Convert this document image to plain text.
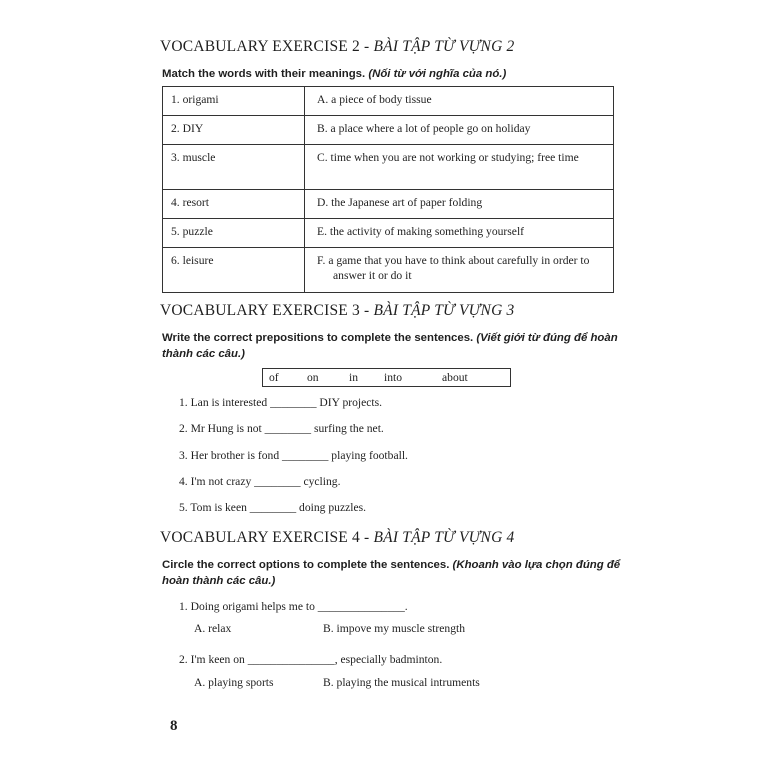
VOCABULARY EXERCISE 2 - BÀI TẬP TỪ VỰNG 2
Match the words with their meanings. (Nối từ với nghĩa của nó.)
1. origami	A. a piece of body tissue
2. DIY	B. a place where a lot of people go on holiday
3. muscle	C. time when you are not working or studying; free time

4. resort	D. the Japanese art of paper folding
5. puzzle	E. the activity of making something yourself
6. leisure	F. a game that you have to think about carefully in order to answer it or do it
VOCABULARY EXERCISE 3 - BÀI TẬP TỪ VỰNG 3
Write the correct prepositions to complete the sentences. (Viết giới từ đúng để hoàn thành các câu.)
of on	in into	about
1. Lan is interested ________ DIY projects.
2. Mr Hung is not ________ surfing the net.
3. Her brother is fond ________ playing football.
4. I'm not crazy ________ cycling.
5. Tom is keen ________ doing puzzles.
VOCABULARY EXERCISE 4 - BÀI TẬP TỪ VỰNG 4
Circle the correct options to complete the sentences. (Khoanh vào lựa chọn đúng để hoàn thành các câu.)
1. Doing origami helps me to _______________.
A. relax	B. impove my muscle strength
2. I'm keen on _______________, especially badminton.
A. playing sports	B. playing the musical intruments
8
